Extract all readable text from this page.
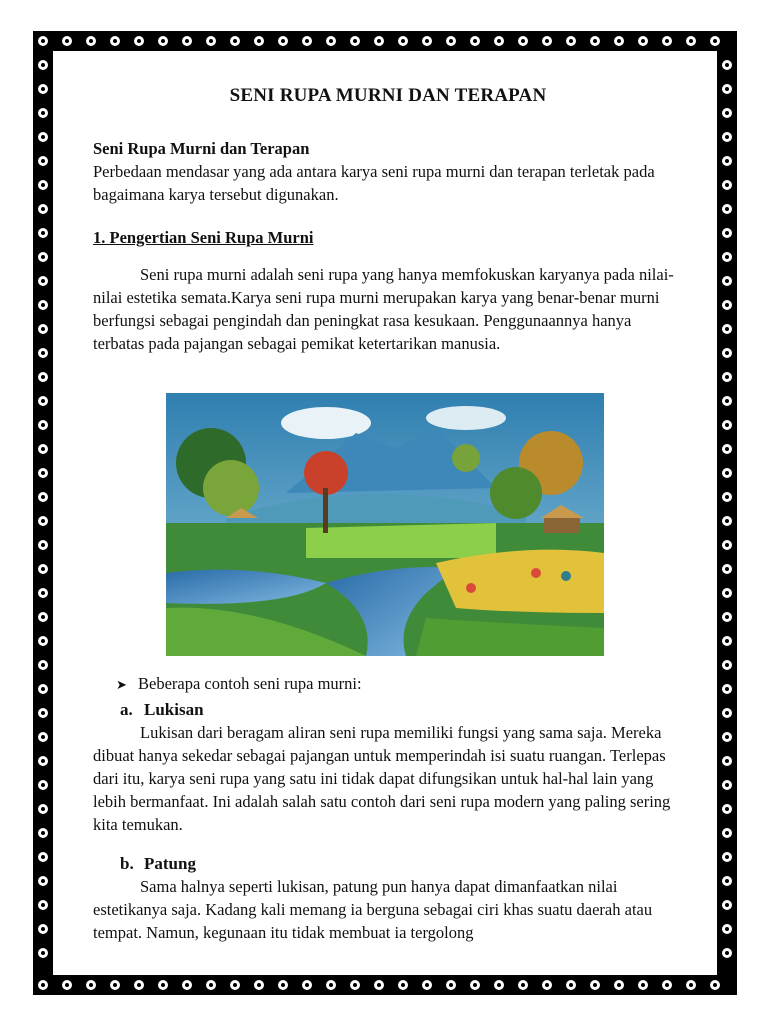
SENI RUPA MURNI DAN TERAPAN

Seni Rupa Murni dan Terapan

Perbedaan mendasar yang ada antara karya seni rupa murni dan terapan terletak pada bagaimana karya tersebut digunakan.

1. Pengertian Seni Rupa Murni

Seni rupa murni adalah seni rupa yang hanya memfokuskan karyanya pada nilai-nilai estetika semata.Karya seni rupa murni merupakan karya yang benar-benar murni berfungsi sebagai pengindah dan peningkat rasa kesukaan. Penggunaannya hanya terbatas pada pajangan sebagai pemikat ketertarikan manusia.

➤ Beberapa contoh seni rupa murni:

a. Lukisan

Lukisan dari beragam aliran seni rupa memiliki fungsi yang sama saja. Mereka dibuat hanya sekedar sebagai pajangan untuk memperindah isi suatu ruangan. Terlepas dari itu, karya seni rupa yang satu ini tidak dapat difungsikan untuk hal-hal lain yang lebih bermanfaat. Ini adalah salah satu contoh dari seni rupa modern yang paling sering kita temukan.

b. Patung

Sama halnya seperti lukisan, patung pun hanya dapat dimanfaatkan nilai estetikanya saja. Kadang kali memang ia berguna sebagai ciri khas suatu daerah atau tempat. Namun, kegunaan itu tidak membuat ia tergolong
